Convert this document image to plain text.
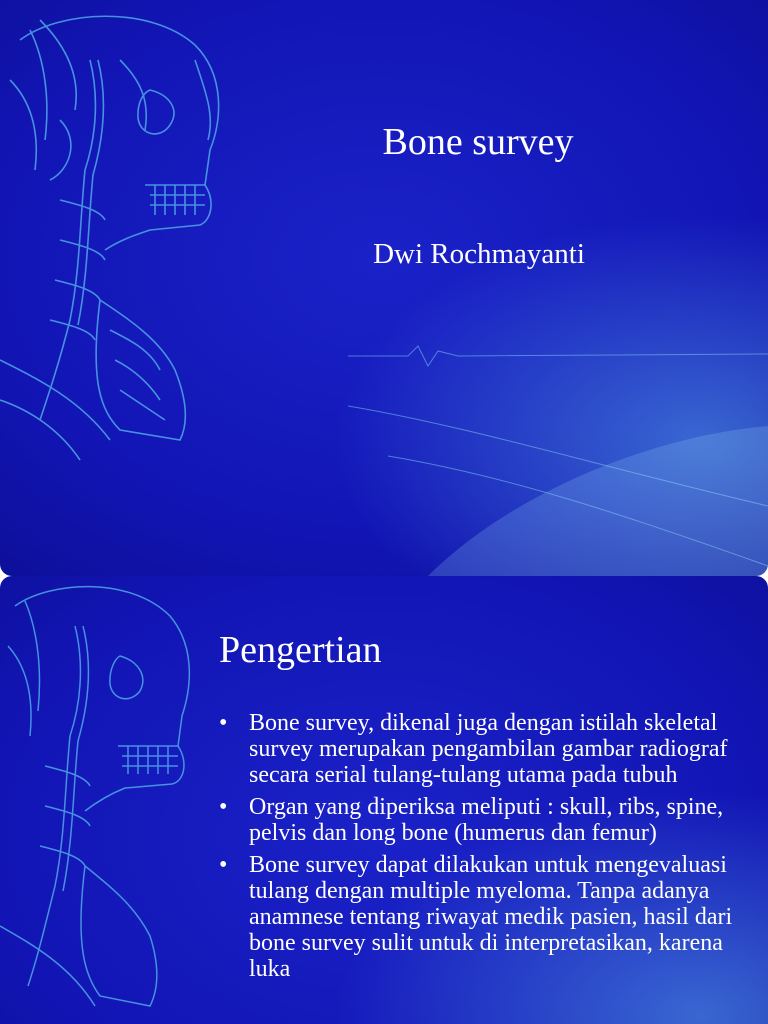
Bone survey
Dwi Rochmayanti
Pengertian
• Bone survey, dikenal juga dengan istilah skeletal survey merupakan pengambilan gambar radiograf secara serial tulang-tulang utama pada tubuh
• Organ yang diperiksa meliputi : skull, ribs, spine, pelvis dan long bone (humerus dan femur)
• Bone survey dapat dilakukan untuk mengevaluasi tulang dengan multiple myeloma. Tanpa adanya anamnese tentang riwayat medik pasien, hasil dari bone survey sulit untuk di interpretasikan, karena luka
